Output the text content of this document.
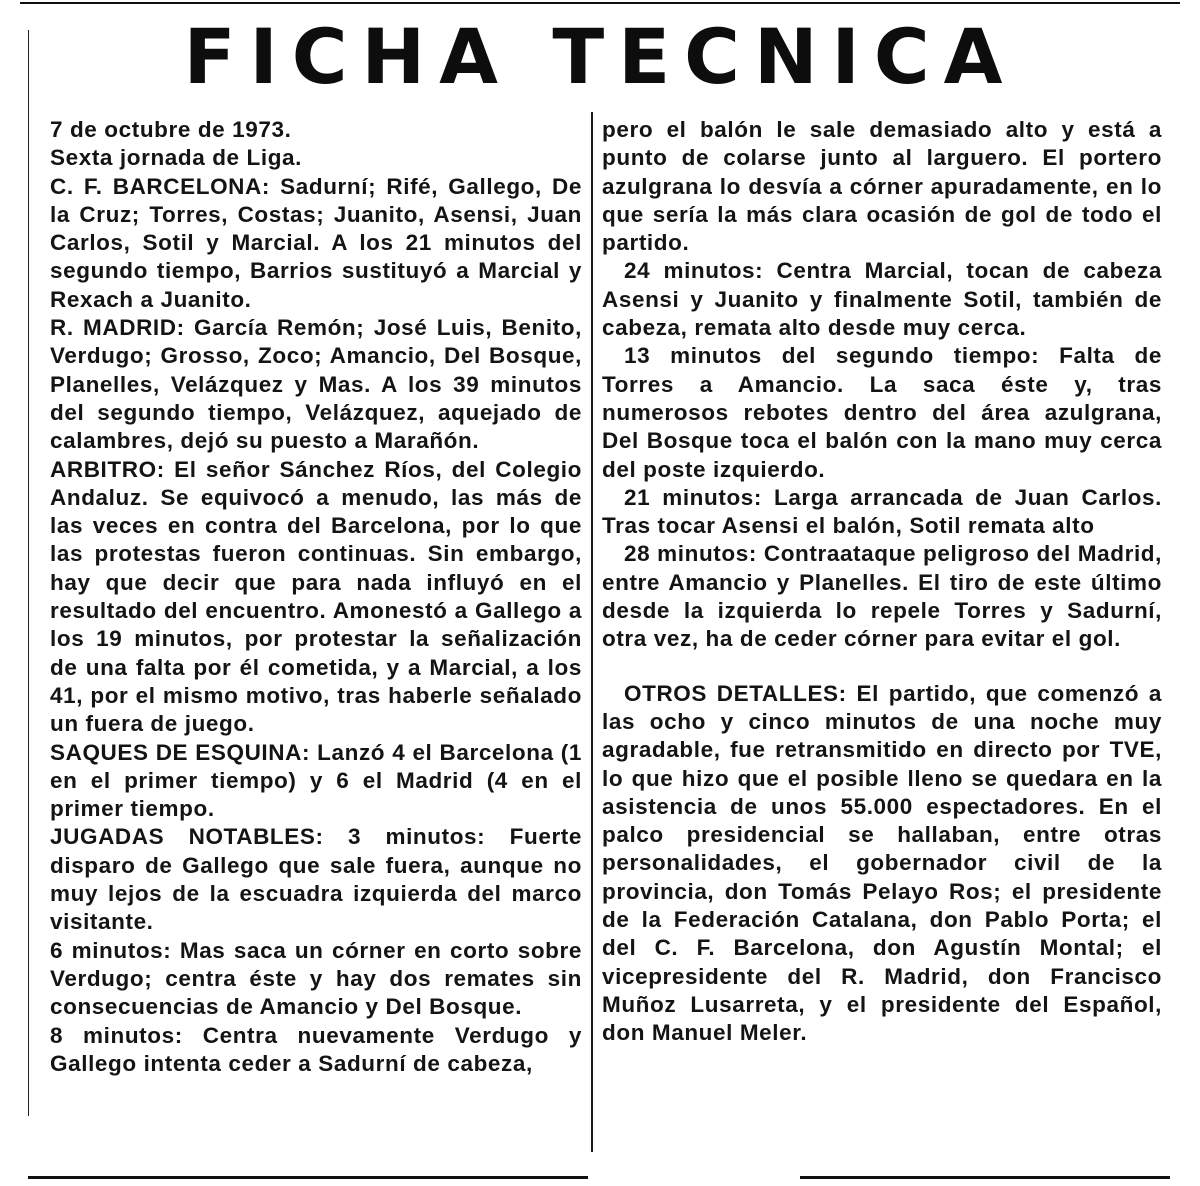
FICHA TECNICA

7 de octubre de 1973.

Sexta jornada de Liga.

C. F. BARCELONA: Sadurní; Rifé, Gallego, De la Cruz; Torres, Costas; Juanito, Asensi, Juan Carlos, Sotil y Marcial. A los 21 minutos del segundo tiempo, Barrios sustituyó a Marcial y Rexach a Juanito.

R. MADRID: García Remón; José Luis, Benito, Verdugo; Grosso, Zoco; Amancio, Del Bosque, Planelles, Velázquez y Mas. A los 39 minutos del segundo tiempo, Velázquez, aquejado de calambres, dejó su puesto a Marañón.

ARBITRO: El señor Sánchez Ríos, del Colegio Andaluz. Se equivocó a menudo, las más de las veces en contra del Barcelona, por lo que las protestas fueron continuas. Sin embargo, hay que decir que para nada influyó en el resultado del encuentro. Amonestó a Gallego a los 19 minutos, por protestar la señalización de una falta por él cometida, y a Marcial, a los 41, por el mismo motivo, tras haberle señalado un fuera de juego.

SAQUES DE ESQUINA: Lanzó 4 el Barcelona (1 en el primer tiempo) y 6 el Madrid (4 en el primer tiempo.

JUGADAS NOTABLES: 3 minutos: Fuerte disparo de Gallego que sale fuera, aunque no muy lejos de la escuadra izquierda del marco visitante.

6 minutos: Mas saca un córner en corto sobre Verdugo; centra éste y hay dos remates sin consecuencias de Amancio y Del Bosque.

8 minutos: Centra nuevamente Verdugo y Gallego intenta ceder a Sadurní de cabeza,

pero el balón le sale demasiado alto y está a punto de colarse junto al larguero. El portero azulgrana lo desvía a córner apuradamente, en lo que sería la más clara ocasión de gol de todo el partido.

24 minutos: Centra Marcial, tocan de cabeza Asensi y Juanito y finalmente Sotil, también de cabeza, remata alto desde muy cerca.

13 minutos del segundo tiempo: Falta de Torres a Amancio. La saca éste y, tras numerosos rebotes dentro del área azulgrana, Del Bosque toca el balón con la mano muy cerca del poste izquierdo.

21 minutos: Larga arrancada de Juan Carlos. Tras tocar Asensi el balón, Sotil remata alto

28 minutos: Contraataque peligroso del Madrid, entre Amancio y Planelles. El tiro de este último desde la izquierda lo repele Torres y Sadurní, otra vez, ha de ceder córner para evitar el gol.

OTROS DETALLES: El partido, que comenzó a las ocho y cinco minutos de una noche muy agradable, fue retransmitido en directo por TVE, lo que hizo que el posible lleno se quedara en la asistencia de unos 55.000 espectadores. En el palco presidencial se hallaban, entre otras personalidades, el gobernador civil de la provincia, don Tomás Pelayo Ros; el presidente de la Federación Catalana, don Pablo Porta; el del C. F. Barcelona, don Agustín Montal; el vicepresidente del R. Madrid, don Francisco Muñoz Lusarreta, y el presidente del Español, don Manuel Meler.
